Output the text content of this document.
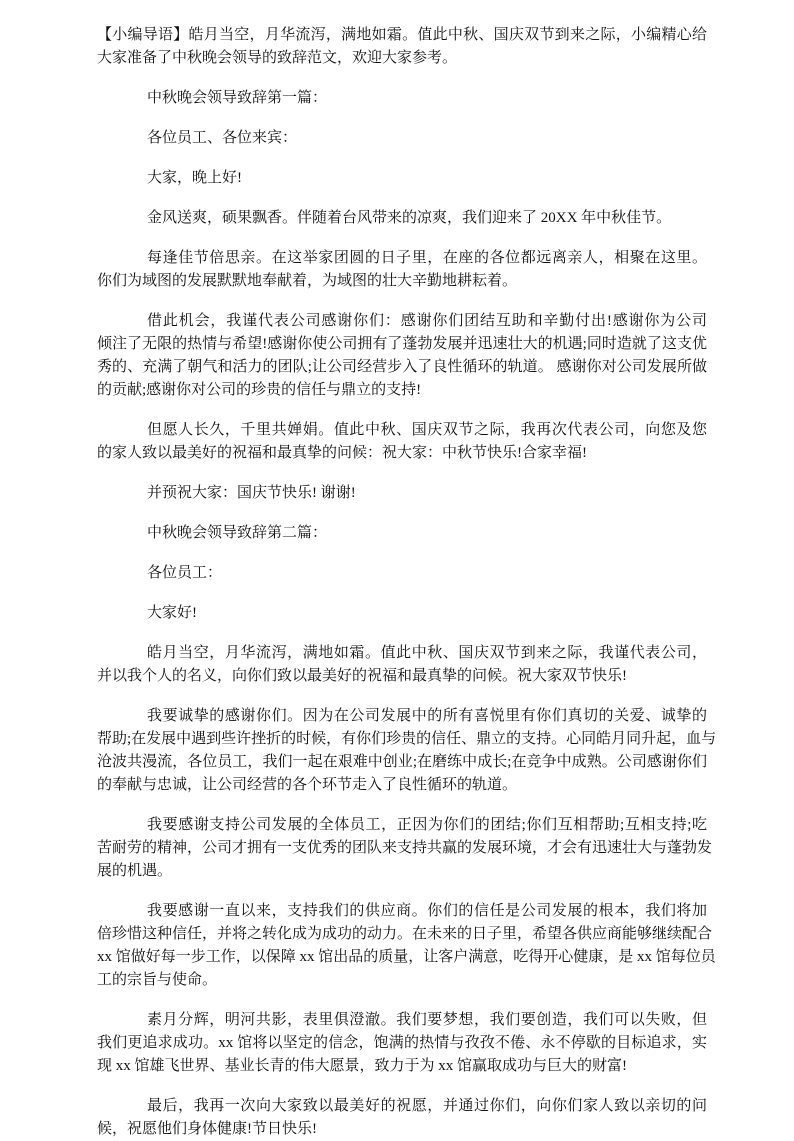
【小编导语】皓月当空，月华流泻，满地如霜。值此中秋、国庆双节到来之际，小编精心给
大家准备了中秋晚会领导的致辞范文，欢迎大家参考。
中秋晚会领导致辞第一篇：
各位员工、各位来宾：
大家，晚上好!
金风送爽，硕果飘香。伴随着台风带来的凉爽，我们迎来了 20XX 年中秋佳节。
每逢佳节倍思亲。在这举家团圆的日子里，在座的各位都远离亲人，相聚在这里。
你们为域图的发展默默地奉献着，为域图的壮大辛勤地耕耘着。
借此机会，我谨代表公司感谢你们：感谢你们团结互助和辛勤付出!感谢你为公司
倾注了无限的热情与希望!感谢你使公司拥有了蓬勃发展并迅速壮大的机遇;同时造就了这支优
秀的、充满了朝气和活力的团队;让公司经营步入了良性循环的轨道。 感谢你对公司发展所做
的贡献;感谢你对公司的珍贵的信任与鼎立的支持!
但愿人长久，千里共婵娟。值此中秋、国庆双节之际，我再次代表公司，向您及您
的家人致以最美好的祝福和最真挚的问候：祝大家：中秋节快乐!合家幸福!
并预祝大家：国庆节快乐! 谢谢!
中秋晚会领导致辞第二篇：
各位员工：
大家好!
皓月当空，月华流泻，满地如霜。值此中秋、国庆双节到来之际，我谨代表公司，
并以我个人的名义，向你们致以最美好的祝福和最真挚的问候。祝大家双节快乐!
我要诚挚的感谢你们。因为在公司发展中的所有喜悦里有你们真切的关爱、诚挚的
帮助;在发展中遇到些许挫折的时候，有你们珍贵的信任、鼎立的支持。心同皓月同升起，血与
沧波共漫流，各位员工，我们一起在艰难中创业;在磨练中成长;在竞争中成熟。公司感谢你们
的奉献与忠诚，让公司经营的各个环节走入了良性循环的轨道。
我要感谢支持公司发展的全体员工，正因为你们的团结;你们互相帮助;互相支持;吃
苦耐劳的精神，公司才拥有一支优秀的团队来支持共赢的发展环境，才会有迅速壮大与蓬勃发
展的机遇。
我要感谢一直以来，支持我们的供应商。你们的信任是公司发展的根本，我们将加
倍珍惜这种信任，并将之转化成为成功的动力。在未来的日子里，希望各供应商能够继续配合
xx 馆做好每一步工作，以保障 xx 馆出品的质量，让客户满意，吃得开心健康，是 xx 馆每位员
工的宗旨与使命。
素月分辉，明河共影，表里俱澄澈。我们要梦想，我们要创造，我们可以失败，但
我们更追求成功。xx 馆将以坚定的信念，饱满的热情与孜孜不倦、永不停歇的目标追求，实
现 xx 馆雄飞世界、基业长青的伟大愿景，致力于为 xx 馆赢取成功与巨大的财富!
最后，我再一次向大家致以最美好的祝愿，并通过你们，向你们家人致以亲切的问
候，祝愿他们身体健康!节日快乐!
